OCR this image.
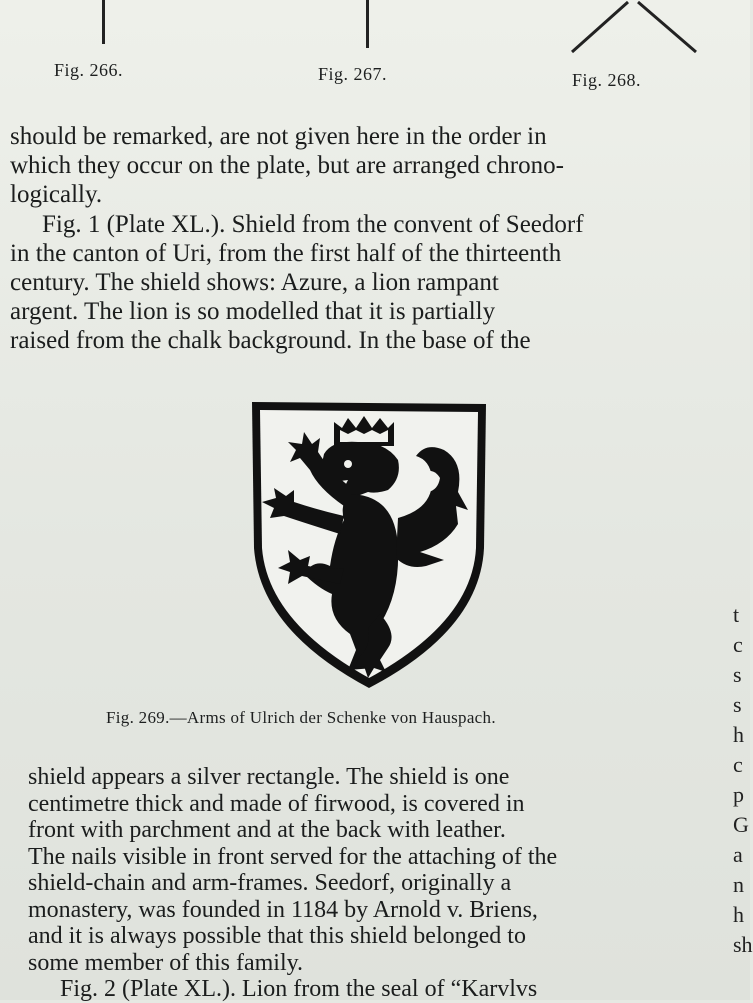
Fig. 266.	Fig. 267.	Fig. 268.
should be remarked, are not given here in the order in
which they occur on the plate, but are arranged chrono-
logically.
Fig. 1 (Plate XL.). Shield from the convent of Seedorf
in the canton of Uri, from the first half of the thirteenth
century. The shield shows: Azure, a lion rampant
argent. The lion is so modelled that it is partially
raised from the chalk background. In the base of the
Fig. 269.—Arms of Ulrich der Schenke von Hauspach.
shield appears a silver rectangle. The shield is one
centimetre thick and made of firwood, is covered in
front with parchment and at the back with leather.
The nails visible in front served for the attaching of the
shield-chain and arm-frames. Seedorf, originally a
monastery, was founded in 1184 by Arnold v. Briens,
and it is always possible that this shield belonged to
some member of this family.
Fig. 2 (Plate XL.). Lion from the seal of “Karvlvs
t
c
s
s
h
c
p
G
a
n
h
sh
